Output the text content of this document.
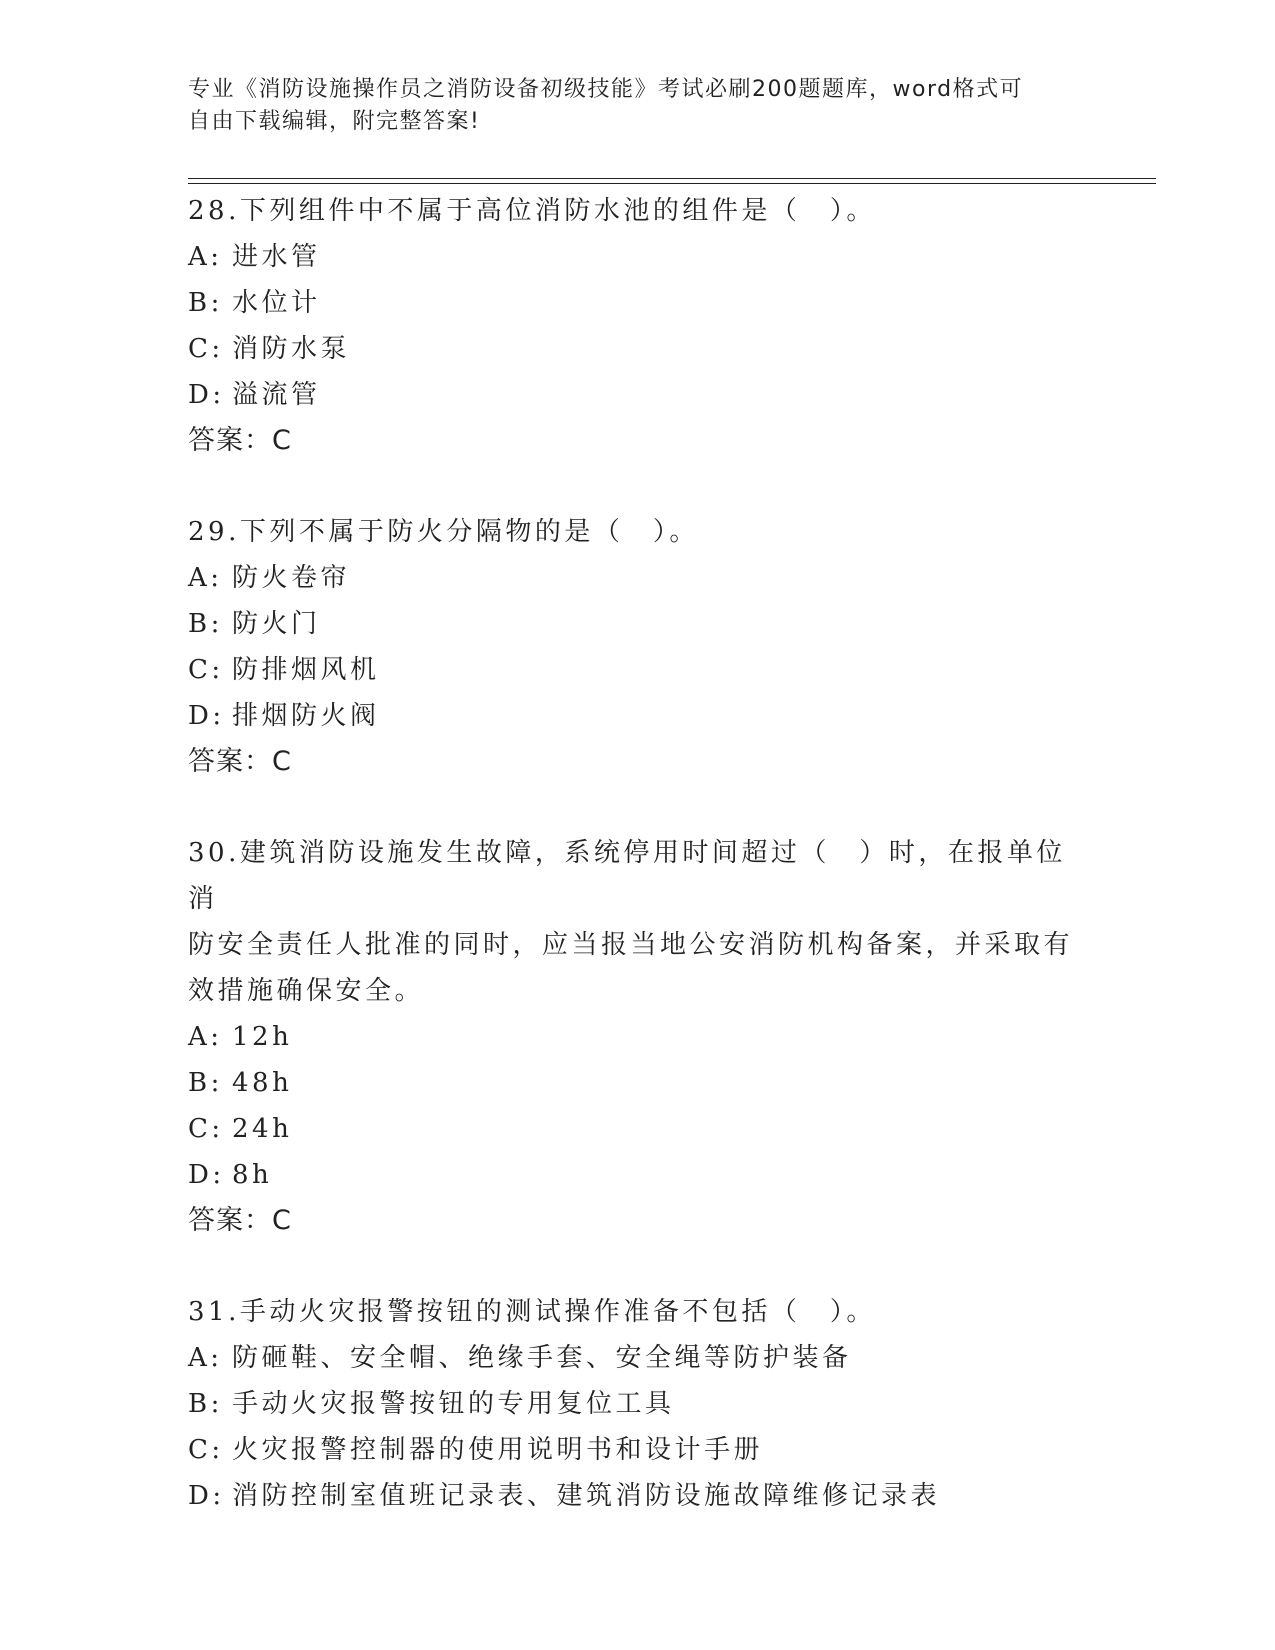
专业《消防设施操作员之消防设备初级技能》考试必刷200题题库，word格式可
自由下载编辑，附完整答案!
28.下列组件中不属于高位消防水池的组件是（　）。
A: 进水管
B: 水位计
C: 消防水泵
D: 溢流管
答案：C
29.下列不属于防火分隔物的是（　）。
A: 防火卷帘
B: 防火门
C: 防排烟风机
D: 排烟防火阀
答案：C
30.建筑消防设施发生故障，系统停用时间超过（　）时，在报单位消
防安全责任人批准的同时，应当报当地公安消防机构备案，并采取有
效措施确保安全。
A: 12h
B: 48h
C: 24h
D: 8h
答案：C
31.手动火灾报警按钮的测试操作准备不包括（　）。
A: 防砸鞋、安全帽、绝缘手套、安全绳等防护装备
B: 手动火灾报警按钮的专用复位工具
C: 火灾报警控制器的使用说明书和设计手册
D: 消防控制室值班记录表、建筑消防设施故障维修记录表
